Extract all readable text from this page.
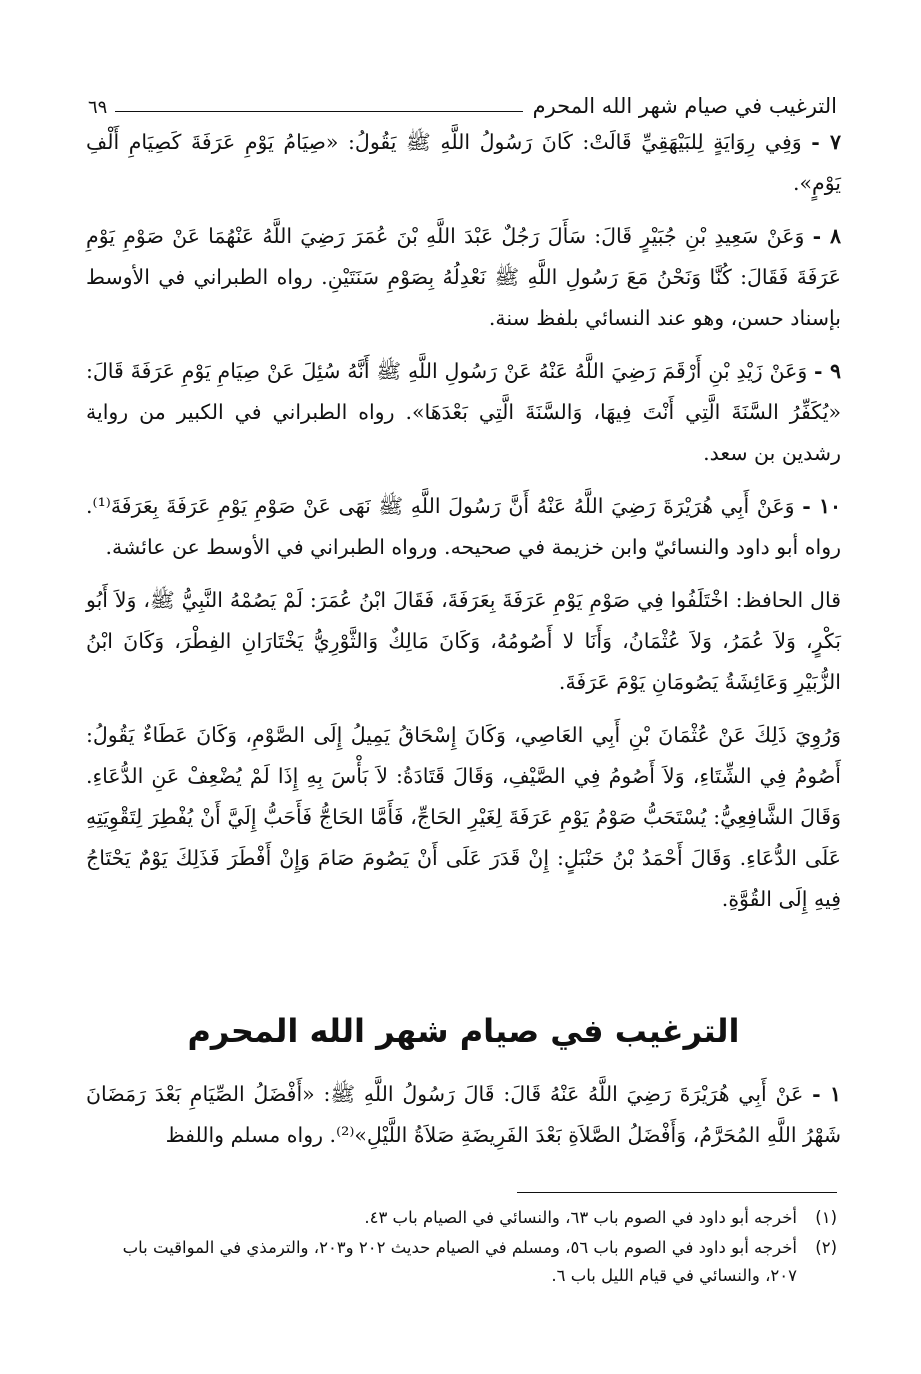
الترغيب في صيام شهر الله المحرم
٦٩

٧ - وَفِي رِوَايَةٍ لِلبَيْهَقِيِّ قَالَتْ: كَانَ رَسُولُ اللَّهِ ﷺ يَقُولُ: «صِيَامُ يَوْمِ عَرَفَةَ كَصِيَامِ أَلْفِ يَوْمٍ».

٨ - وَعَنْ سَعِيدِ بْنِ جُبَيْرٍ قَالَ: سَأَلَ رَجُلٌ عَبْدَ اللَّهِ بْنَ عُمَرَ رَضِيَ اللَّهُ عَنْهُمَا عَنْ صَوْمِ يَوْمِ عَرَفَةَ فَقَالَ: كُنَّا وَنَحْنُ مَعَ رَسُولِ اللَّهِ ﷺ نَعْدِلُهُ بِصَوْمِ سَنَتَيْنِ. رواه الطبراني في الأوسط بإسناد حسن، وهو عند النسائي بلفظ سنة.

٩ - وَعَنْ زَيْدِ بْنِ أَرْقَمَ رَضِيَ اللَّهُ عَنْهُ عَنْ رَسُولِ اللَّهِ ﷺ أَنَّهُ سُئِلَ عَنْ صِيَامِ يَوْمِ عَرَفَةَ قَالَ: «يُكَفِّرُ السَّنَةَ الَّتِي أَنْتَ فِيهَا، وَالسَّنَةَ الَّتِي بَعْدَهَا». رواه الطبراني في الكبير من رواية رشدين بن سعد.

١٠ - وَعَنْ أَبِي هُرَيْرَةَ رَضِيَ اللَّهُ عَنْهُ أَنَّ رَسُولَ اللَّهِ ﷺ نَهَى عَنْ صَوْمِ يَوْمِ عَرَفَةَ بِعَرَفَةَ⁽¹⁾. رواه أبو داود والنسائيّ وابن خزيمة في صحيحه. ورواه الطبراني في الأوسط عن عائشة.

قال الحافظ: اخْتَلَفُوا فِي صَوْمِ يَوْمِ عَرَفَةَ بِعَرَفَةَ، فَقَالَ ابْنُ عُمَرَ: لَمْ يَصُمْهُ النَّبِيُّ ﷺ، وَلاَ أَبُو بَكْرٍ، وَلاَ عُمَرُ، وَلاَ عُثْمَانُ، وَأَنَا لا أَصُومُهُ، وَكَانَ مَالِكٌ وَالثَّوْرِيُّ يَخْتَارَانِ الفِطْرَ، وَكَانَ ابْنُ الزُّبَيْرِ وَعَائِشَةُ يَصُومَانِ يَوْمَ عَرَفَةَ.

وَرُوِيَ ذَلِكَ عَنْ عُثْمَانَ بْنِ أَبِي العَاصِي، وَكَانَ إِسْحَاقُ يَمِيلُ إِلَى الصَّوْمِ، وَكَانَ عَطَاءٌ يَقُولُ: أَصُومُ فِي الشِّتَاءِ، وَلاَ أَصُومُ فِي الصَّيْفِ، وَقَالَ قَتَادَةُ: لاَ بَأْسَ بِهِ إِذَا لَمْ يُضْعِفْ عَنِ الدُّعَاءِ. وَقَالَ الشَّافِعِيُّ: يُسْتَحَبُّ صَوْمُ يَوْمِ عَرَفَةَ لِغَيْرِ الحَاجِّ، فَأَمَّا الحَاجُّ فَأَحَبُّ إِلَيَّ أَنْ يُفْطِرَ لِتَقْوِيَتِهِ عَلَى الدُّعَاءِ. وَقَالَ أَحْمَدُ بْنُ حَنْبَلٍ: إِنْ قَدَرَ عَلَى أَنْ يَصُومَ صَامَ وَإِنْ أَفْطَرَ فَذَلِكَ يَوْمٌ يَحْتَاجُ فِيهِ إِلَى القُوَّةِ.

الترغيب في صيام شهر الله المحرم

١ - عَنْ أَبِي هُرَيْرَةَ رَضِيَ اللَّهُ عَنْهُ قَالَ: قَالَ رَسُولُ اللَّهِ ﷺ: «أَفْضَلُ الصِّيَامِ بَعْدَ رَمَضَانَ شَهْرُ اللَّهِ المُحَرَّمُ، وَأَفْضَلُ الصَّلاَةِ بَعْدَ الفَرِيضَةِ صَلاَةُ اللَّيْلِ»⁽²⁾. رواه مسلم واللفظ

(١)
أخرجه أبو داود في الصوم باب ٦٣، والنسائي في الصيام باب ٤٣.
(٢)
أخرجه أبو داود في الصوم باب ٥٦، ومسلم في الصيام حديث ٢٠٢ و٢٠٣، والترمذي في المواقيت باب ٢٠٧، والنسائي في قيام الليل باب ٦.
